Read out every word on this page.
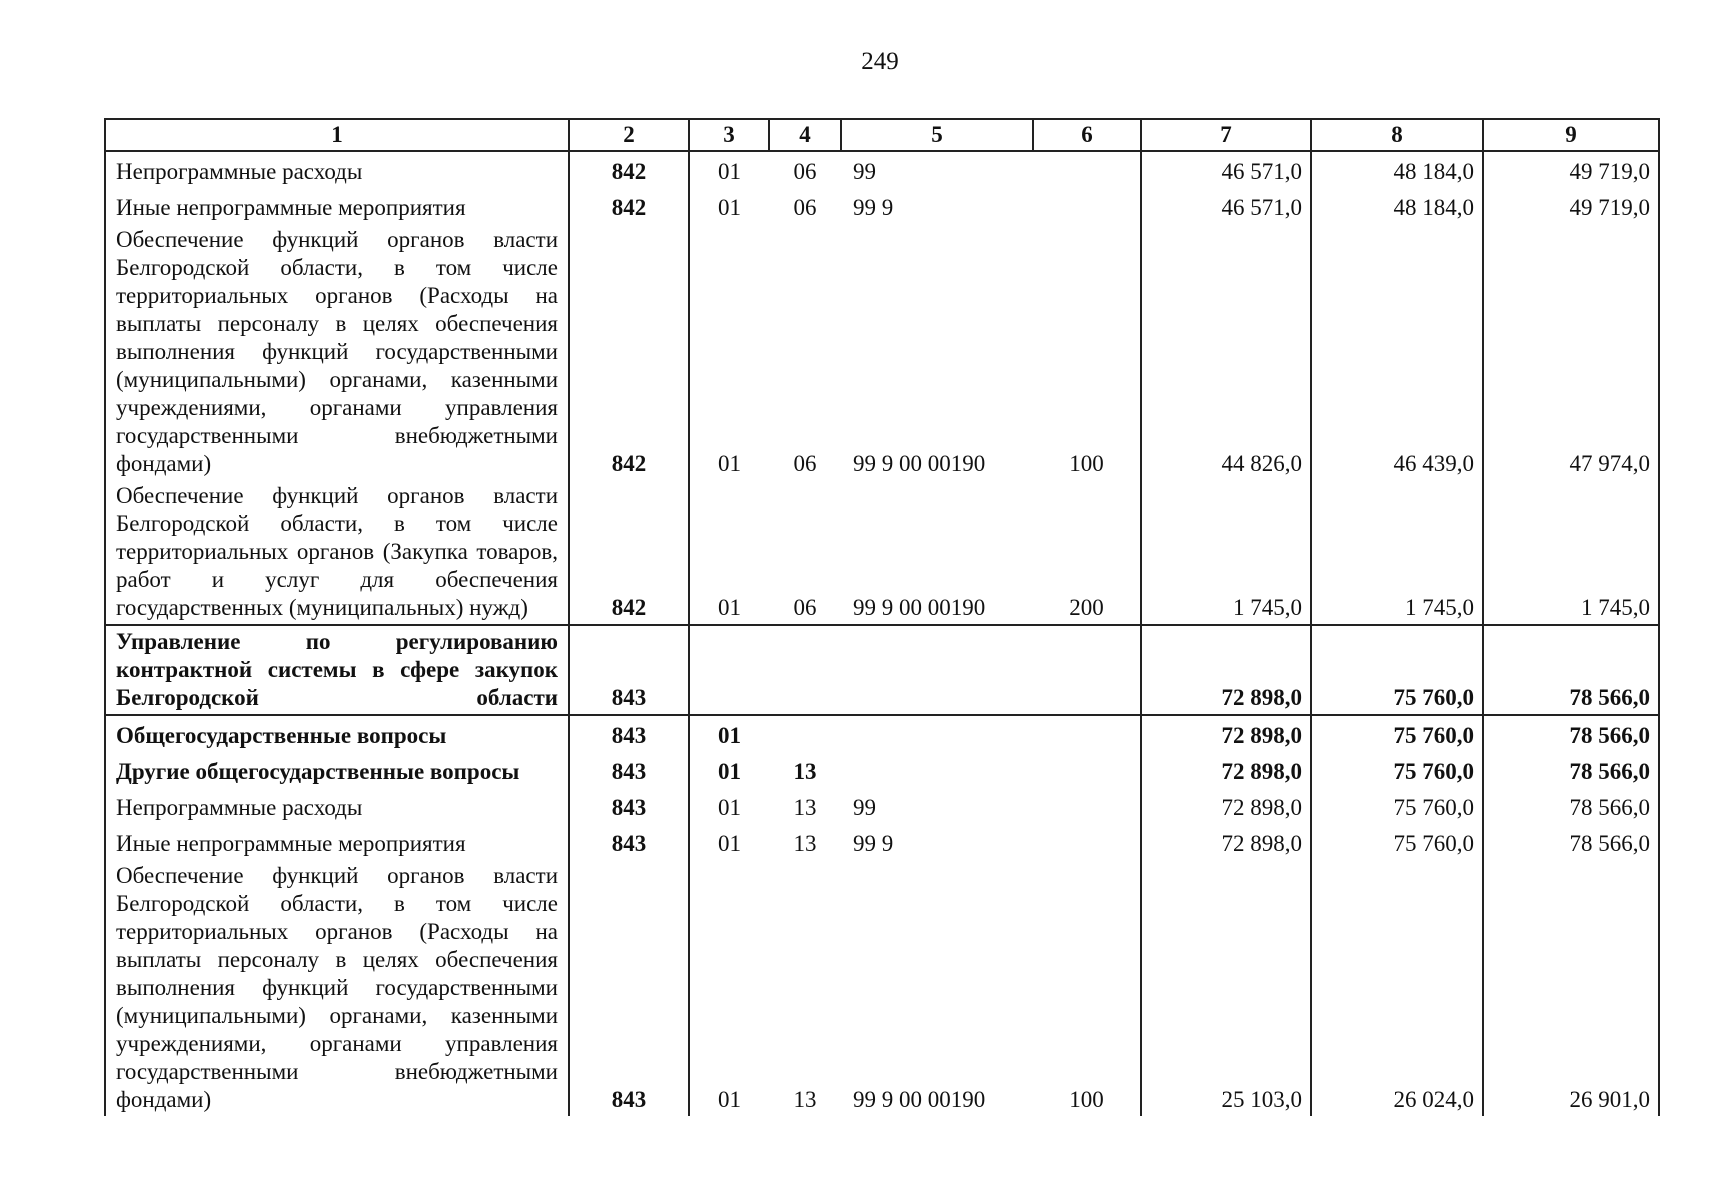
249
1	2	3	4	5	6	7	8	9
Непрограммные расходы	842	01	06	99		46 571,0	48 184,0	49 719,0
Иные непрограммные мероприятия	842	01	06	99 9		46 571,0	48 184,0	49 719,0
Обеспечение функций органов власти Белгородской области, в том числе территориальных органов (Расходы на выплаты персоналу в целях обеспечения выполнения функций государственными (муниципальными) органами, казенными учреждениями, органами управления государственными внебюджетными фондами)	842	01	06	99 9 00 00190	100	44 826,0	46 439,0	47 974,0
Обеспечение функций органов власти Белгородской области, в том числе территориальных органов (Закупка товаров, работ и услуг для обеспечения государственных (муниципальных) нужд)	842	01	06	99 9 00 00190	200	1 745,0	1 745,0	1 745,0
Управление по регулированию контрактной системы в сфере закупок Белгородской области	843					72 898,0	75 760,0	78 566,0
Общегосударственные вопросы	843	01				72 898,0	75 760,0	78 566,0
Другие общегосударственные вопросы	843	01	13			72 898,0	75 760,0	78 566,0
Непрограммные расходы	843	01	13	99		72 898,0	75 760,0	78 566,0
Иные непрограммные мероприятия	843	01	13	99 9		72 898,0	75 760,0	78 566,0
Обеспечение функций органов власти Белгородской области, в том числе территориальных органов (Расходы на выплаты персоналу в целях обеспечения выполнения функций государственными (муниципальными) органами, казенными учреждениями, органами управления государственными внебюджетными фондами)	843	01	13	99 9 00 00190	100	25 103,0	26 024,0	26 901,0
